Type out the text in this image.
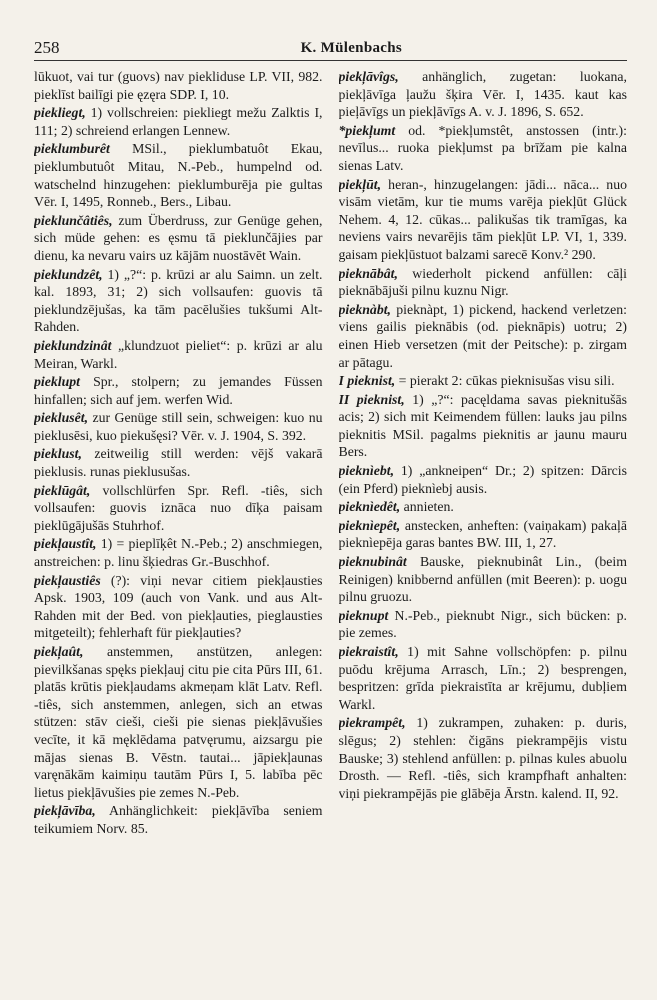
258	K. Mülenbachs

lūkuot, vai tur (guovs) nav piekliduse LP. VII, 982. pieklīst bailīgi pie ęzęra SDP. I, 10.

piekliegt, 1) vollschreien: piekliegt mežu Zalktis I, 111; 2) schreiend erlangen Lennew.

pieklumburêt MSil., pieklumbatuôt Ekau, pieklumbutuôt Mitau, N.-Peb., humpelnd od. watschelnd hinzugehen: pieklumburēja pie gultas Vēr. I, 1495, Ronneb., Bers., Libau.

pieklunčâtiês, zum Überdruss, zur Genüge gehen, sich müde gehen: es ęsmu tā pieklunčājies par dienu, ka nevaru vairs uz kājām nuostāvēt Wain.

pieklundzêt, 1) „?“: p. krūzi ar alu Saimn. un zelt. kal. 1893, 31; 2) sich vollsaufen: guovis tā pieklundzējušas, ka tām pacēlušies tukšumi Alt-Rahden.

pieklundzinât „klundzuot pieliet“: p. krūzi ar alu Meiran, Warkl.

pieklupt Spr., stolpern; zu jemandes Füssen hinfallen; sich auf jem. werfen Wid.

pieklusêt, zur Genüge still sein, schweigen: kuo nu pieklusēsi, kuo piekušęsi? Vēr. v. J. 1904, S. 392.

pieklust, zeitweilig still werden: vējš vakarā pieklusis. runas pieklusušas.

pieklūgât, vollschlürfen Spr. Refl. -tiês, sich vollsaufen: guovis iznāca nuo dīķa paisam pieklūgājušās Stuhrhof.

piekļaustît, 1) = pieplīķêt N.-Peb.; 2) anschmiegen, anstreichen: p. linu šķiedras Gr.-Buschhof.

piekļaustiês (?): viņi nevar citiem piekļausties Apsk. 1903, 109 (auch von Vank. und aus Alt-Rahden mit der Bed. von piekļauties, pieglausties mitgeteilt); fehlerhaft für piekļauties?

piekļaût, anstemmen, anstützen, anlegen: pievilkšanas spęks piekļauj citu pie cita Pūrs III, 61. platās krūtis piekļaudams akmeņam klāt Latv. Refl. -tiês, sich anstemmen, anlegen, sich an etwas stützen: stāv cieši, cieši pie sienas piekļāvušies vecīte, it kā męklēdama patvęrumu, aizsargu pie mājas sienas B. Vēstn. tautai... jāpiekļaunas varęnākām kaimiņu tautām Pūrs I, 5. labība pēc lietus piekļāvušies pie zemes N.-Peb.

piekļāvība, Anhänglichkeit: piekļāvība seniem teikumiem Norv. 85.

piekļāvîgs, anhänglich, zugetan: luokana, piekļāvīga ļaužu šķira Vēr. I, 1435. kaut kas pieļāvīgs un piekļāvīgs A. v. J. 1896, S. 652.

*piekļumt od. *piekļumstêt, anstossen (intr.): nevīlus... ruoka piekļumst pa brīžam pie kalna sienas Latv.

piekļūt, heran-, hinzugelangen: jādi... nāca... nuo visām vietām, kur tie mums varēja piekļūt Glück Nehem. 4, 12. cūkas... palikušas tik tramīgas, ka neviens vairs nevarējis tām piekļūt LP. VI, 1, 339. gaisam piekļūstuot balzami sarecē Konv.² 290.

pieknābât, wiederholt pickend anfüllen: cāļi pieknābājuši pilnu kuznu Nigr.

pieknàbt, pieknàpt, 1) pickend, hackend verletzen: viens gailis pieknābis (od. pieknāpis) uotru; 2) einen Hieb versetzen (mit der Peitsche): p. zirgam ar pātagu.

I pieknist, = pierakt 2: cūkas pieknisušas visu sili.

II pieknist, 1) „?“: pacęldama savas pieknitušās acis; 2) sich mit Keimendem füllen: lauks jau pilns pieknitis MSil. pagalms pieknitis ar jaunu mauru Bers.

pieknìebt, 1) „ankneipen“ Dr.; 2) spitzen: Dārcis (ein Pferd) pieknìebj ausis.

pieknìedêt, annieten.

pieknìepêt, anstecken, anheften: (vaiņakam) pakaļā pieknìepēja garas bantes BW. III, 1, 27.

pieknubinât Bauske, pieknubinât Lin., (beim Reinigen) knibbernd anfüllen (mit Beeren): p. uogu pilnu gruozu.

pieknupt N.-Peb., pieknubt Nigr., sich bücken: p. pie zemes.

piekraistît, 1) mit Sahne vollschöpfen: p. pilnu puōdu krējuma Arrasch, Līn.; 2) besprengen, bespritzen: grīda piekraistīta ar krējumu, dubļiem Warkl.

piekrampêt, 1) zukrampen, zuhaken: p. duris, slēgus; 2) stehlen: čigāns piekrampējis vistu Bauske; 3) stehlend anfüllen: p. pilnas kules abuolu Drosth. — Refl. -tiês, sich krampfhaft anhalten: viņi piekrampējās pie glābēja Ārstn. kalend. II, 92.
